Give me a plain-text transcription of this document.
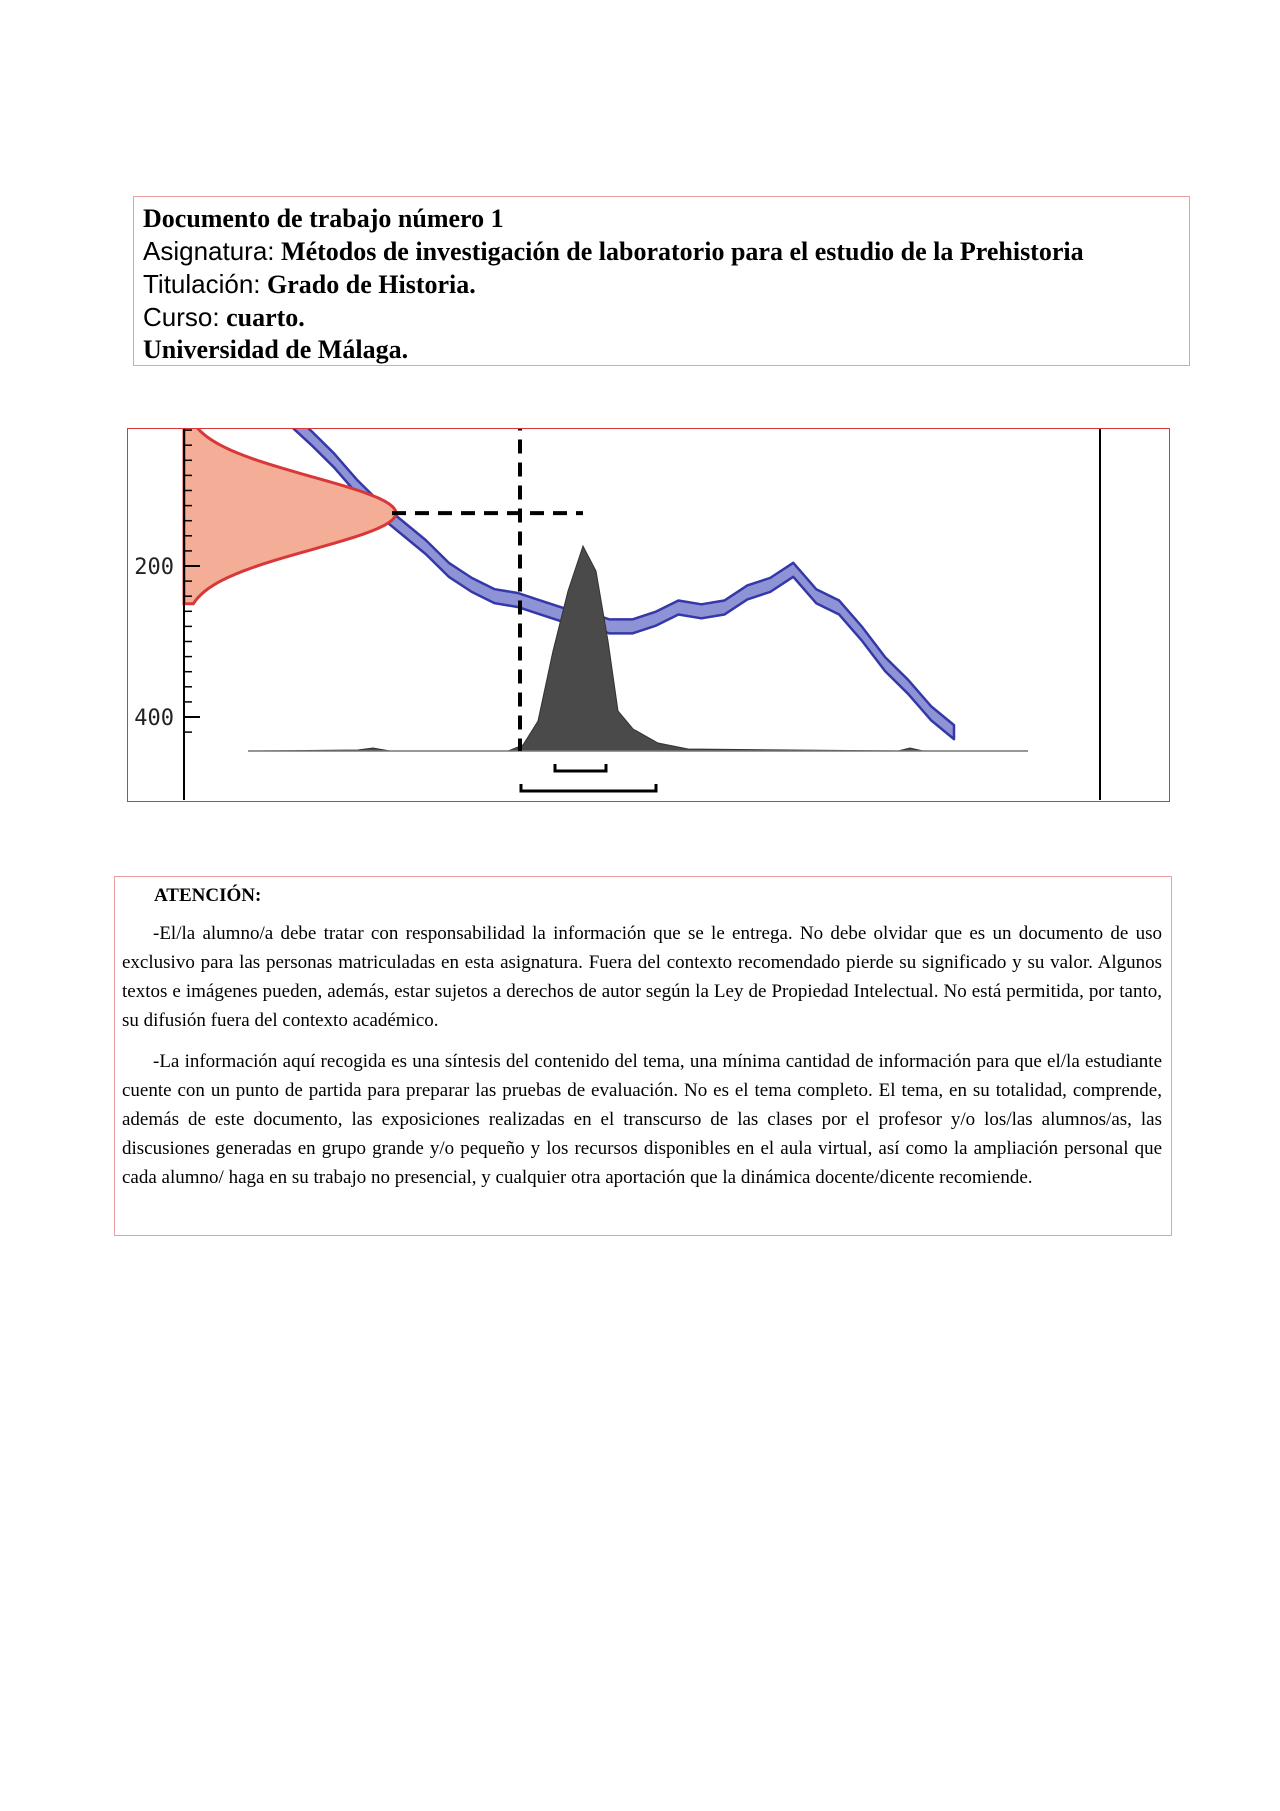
Documento de trabajo número 1
Asignatura: Métodos de investigación de laboratorio para el estudio de la Prehistoria
Titulación: Grado de Historia.
Curso: cuarto.
Universidad de Málaga.
400
200
ATENCIÓN:

-El/la alumno/a debe tratar con responsabilidad la información que se le entrega. No debe olvidar que es un documento de uso exclusivo para las personas matriculadas en esta asignatura. Fuera del contexto recomendado pierde su significado y su valor. Algunos textos e imágenes pueden, además, estar sujetos a derechos de autor según la Ley de Propiedad Intelectual. No está permitida, por tanto, su difusión fuera del contexto académico.

-La información aquí recogida es una síntesis del contenido del tema, una mínima cantidad de información para que el/la estudiante cuente con un punto de partida para preparar las pruebas de evaluación. No es el tema completo. El tema, en su totalidad, comprende, además de este documento, las exposiciones realizadas en el transcurso de las clases por el profesor y/o los/las alumnos/as, las discusiones generadas en grupo grande y/o pequeño y los recursos disponibles en el aula virtual, así como la ampliación personal que cada alumno/ haga en su trabajo no presencial, y cualquier otra aportación que la dinámica docente/dicente recomiende.
